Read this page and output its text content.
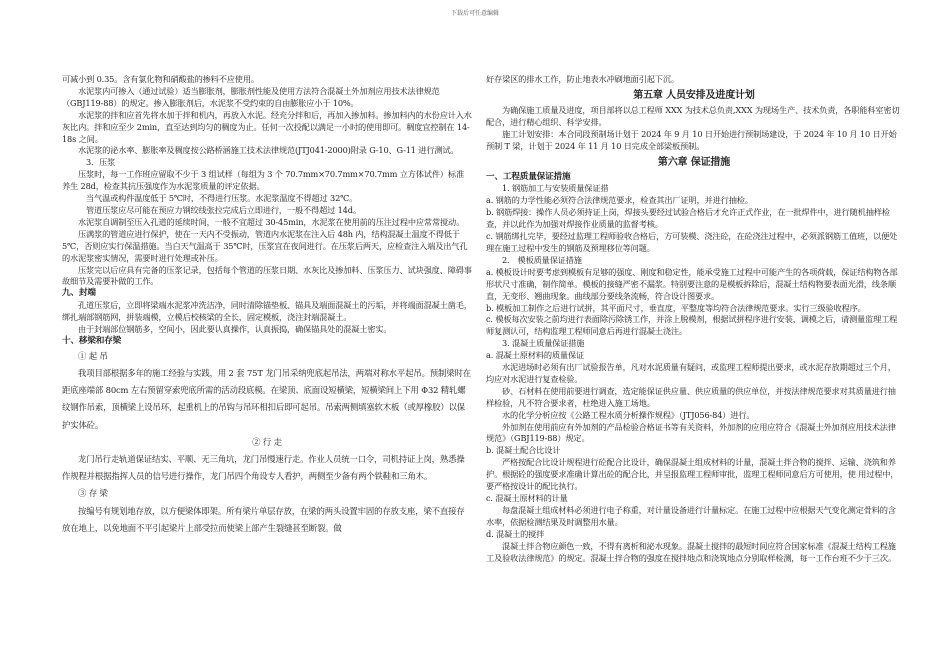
下载后可任意编辑

可减小到 0.35。含有氯化物和硝酸盐的掺料不应使用。

水泥浆内可掺入（通过试验）适当膨胀剂，膨胀剂性能及使用方法符合混凝土外加剂应用技术法律规范 （GBJ119-88）的规定。掺入膨胀剂后，水泥浆不受约束的自由膨胀应小于 10%。

水泥浆的拌和应首先将水加于拌和机内，再放入水泥。经充分拌和后，再加入掺加料。掺加料内的水份应计入水灰比内。拌和应至少 2min，直至达到均匀的稠度为止。任何一次投配以满足一小时的使用即可。稠度宜控制在 14-18s 之间。

水泥浆的泌水率、膨胀率及稠度按公路桥涵施工技术法律规范(JTJ041-2000)附录 G-10、G-11 进行测试。

3．压浆

压浆时，每一工作班应留取不少于 3 组试样（每组为 3 个 70.7mm×70.7mm×70.7mm 立方体试件）标准养生 28d，检查其抗压强度作为水泥浆质量的评定依据。

当气温或构件温度低于 5℃时，不得进行压浆。水泥浆温度不得超过 32℃。

管道压浆应尽可能在预应力钢绞线张拉完成后立即进行，一般不得超过 14d。

水泥浆自调制至压入孔道的延续时间，一般不宜超过 30-45min，水泥浆在使用前的压注过程中应常常搅动。

压满浆的管道应进行保护，使在一天内不受振动，管道内水泥浆在注入后 48h 内，结构混凝土温度不得低于 5℃，否则应实行保温措施。当白天气温高于 35℃时，压浆宜在夜间进行。在压浆后两天，应检查注入端及出气孔的水泥浆密实情况，需要时进行处理或补压。

压浆完以后应具有完备的压浆记录，包括每个管道的压浆日期、水灰比及掺加料、压浆压力、试块强度、障碍事故细节及需要补做的工作。

九、封端

孔道压浆后，立即将梁端水泥浆冲洗洁净，同时清除锚垫板、锚具及端面混凝土的污垢，并将端面混凝土凿毛，绑扎端部钢筋网，拼装端模，立模后校核梁的全长，固定模板，浇注封端混凝土。

由于封端部位钢筋多，空间小，因此要认真操作，认真振捣，确保锚具处的混凝土密实。

十、移梁和存梁

① 起 吊

我项目部根据多年的施工经验与实践，用 2 套 75T 龙门吊采纳兜底起吊法，两端对称水平起吊。预制梁时在距底座端部 80cm 左右预留穿索兜底所需的活动段底模。在梁顶、底面设短横梁，短横梁间上下用 Φ32 精轧螺纹钢作吊索，顶横梁上设吊环，起重机上的吊钩与吊环相扣后即可起吊。吊索两侧填塞软木板（或厚橡胶）以保护实体砼。

② 行 走

龙门吊行走轨道保证结实、平顺、无三角坑，龙门吊慢速行走。作业人员统一口令，司机持证上岗，熟悉操作规程并根据指挥人员的信号进行操作，龙门吊四个角设专人看护，两侧至少备有两个铁鞋和三角木。

③ 存 梁

按编号有规划地存放，以方便梁体即架。所有梁片单层存放，在梁的两头设置牢固的存放支座，梁不直接存放在地上，以免地面不平引起梁片上部受拉而使梁上部产生裂缝甚至断裂。做

好存梁区的排水工作，防止地表水冲刷地面引起下沉。

第五章 人员安排及进度计划

为确保施工质量及进度，项目部将以总工程师 XXX 为技术总负责,XXX 为现场生产、技术负责，各职能科室密切配合，进行精心组织、科学安排。

施工计划安排：本合同段预制场计划于 2024 年 9 月 10 日开始进行预制场建设，于 2024 年 10 月 10 日开始预制 T 梁，计划于 2024 年 11 月 10 日完成全部梁板预制。

第六章 保证措施

一、工程质量保证措施

1. 钢筋加工与安装质量保证措

a. 钢筋的力学性能必须符合法律规范要求，检查其出厂证明，并进行抽检。

b. 钢筋焊接：操作人员必须持证上岗，焊接头要经过试验合格后才允许正式作业，在一批焊件中，进行随机抽样检查，并以此作为加强对焊接作业质量的监督考核。

c. 钢筋绑扎完毕，要经过监理工程师验收合格后，方可装模、浇注砼，在砼浇注过程中，必须派钢筋工值班，以便处理在施工过程中发生的钢筋及预埋移位等问题。

2． 模板质量保证措施

a. 模板设计时要考虑到模板有足够的强度、刚度和稳定性，能承受施工过程中可能产生的各项荷载，保证结构物各部形状尺寸准确，制作简单。模板的接缝严密不漏浆。特别要注意的是模板拆除后，混凝土结构物要表面光滑，线条顺直，无变形、翘曲现象。曲线部分要线条流畅，符合设计图要求。

b. 模板加工制作之后进行试拼，其平面尺寸，垂直度，平整度等均符合法律规范要求。实行三级验收程序。

c. 模板每次安装之前均进行表面除污除锈工作，并涂上脱模剂，根据试拼程序进行安装，调模之后，请测量监理工程师复测认可，结构监理工程师同意后再进行混凝土浇注。

3. 混凝土质量保证措施

a. 混凝土原材料的质量保证

水泥进场时必须有出厂试验报告单，凡对水泥质量有疑问，或监理工程师提出要求，或水泥存放期超过三个月，均应对水泥进行复查检验。

砂、石材料在使用前要进行调查，选定能保证供应量、供应质量的供应单位，并按法律规范要求对其质量进行抽样检验，凡不符合要求者，杜绝进入施工场地。

水的化学分析应按《公路工程水质分析操作规程》（JTJ056-84）进行。

外加剂在使用前应有外加剂的产品检验合格证书等有关资料，外加剂的应用应符合《混凝土外加剂应用技术法律规范》（GBJ119-88）规定。

b. 混凝土配合比设计

严格按配合比设计规程进行砼配合比设计，确保混凝土组成材料的计量，混凝土拌合物的搅拌、运输、浇筑和养护。根据砼的强度要求准确计算出砼的配合比，并呈报监理工程师审批，监理工程师同意后方可使用，使 用过程中，要严格按设计的配比执行。

c. 混凝土原材料的计量

每盘混凝土组成材料必须进行电子称重，对计量设备进行计量标定。在施工过程中应根据天气变化测定骨料的含水率，依据检测结果及时调整用水量。

d. 混凝土的搅拌

混凝土拌合物应颜色一致，不得有离析和泌水现象。混凝土搅拌的最短时间应符合国家标准《混凝土结构工程施工及验收法律规范》的规定。混凝土拌合物的强度在搅拌地点和浇筑地点分别取样检测，每一工作台班不少于三次。
